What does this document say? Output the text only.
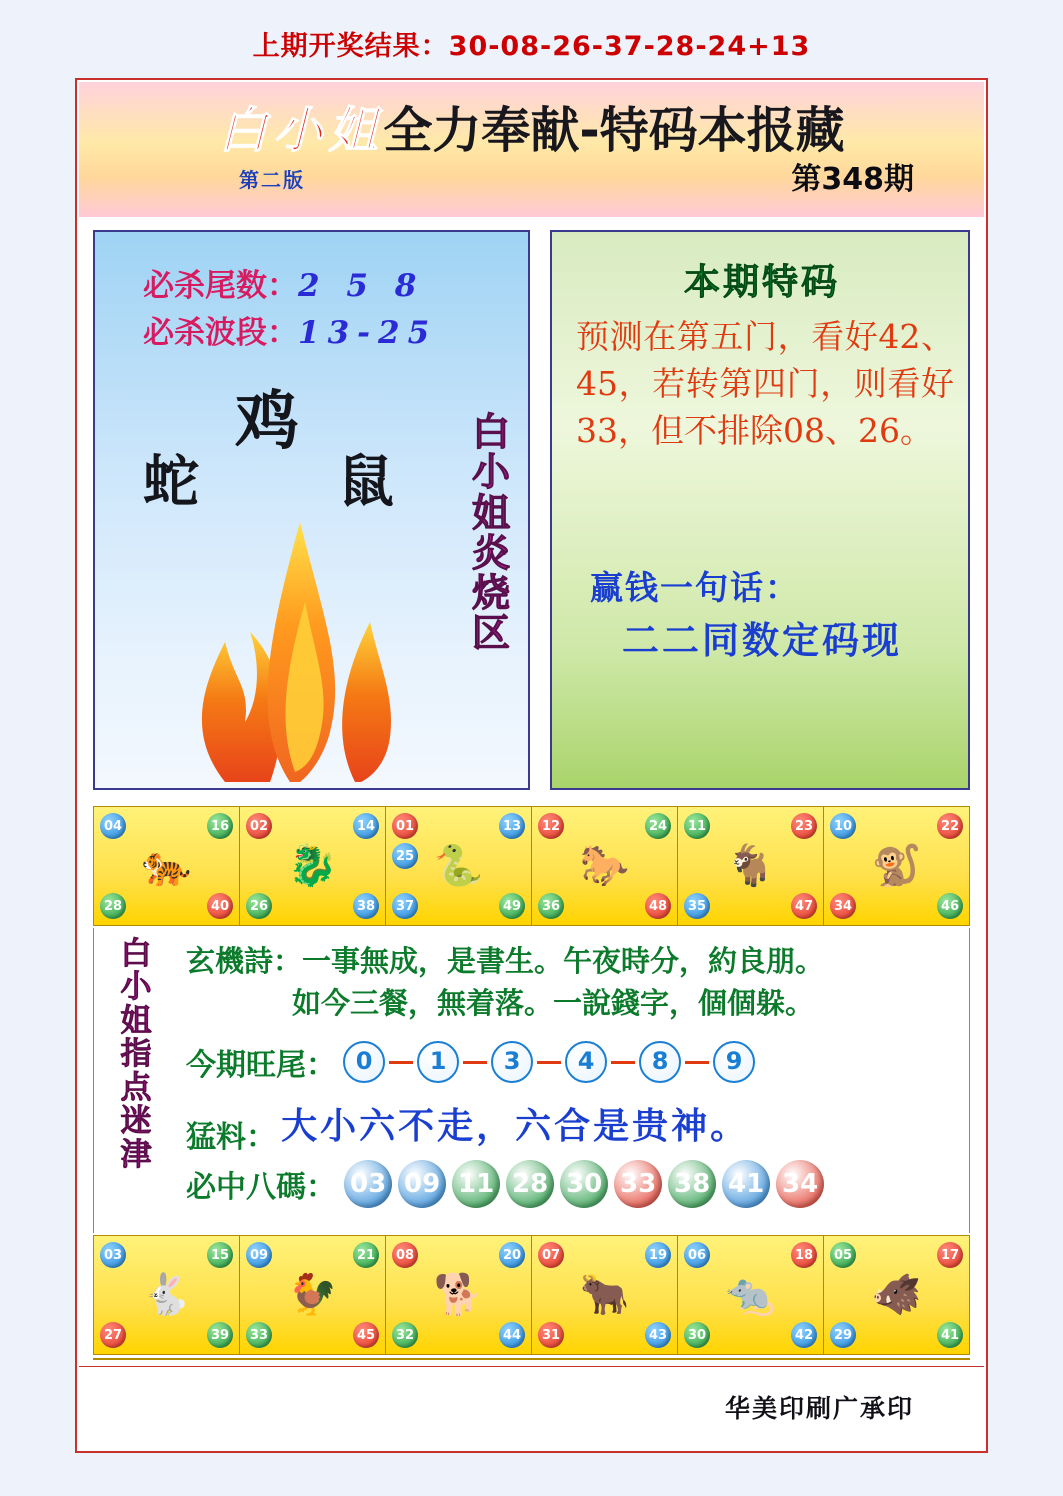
上期开奖结果：30-08-26-37-28-24+13
白小姐全力奉献-特码本报藏
第二版	第348期
必杀尾数：2 5 8
必杀波段：13-25
鸡
蛇 鼠
白小姐炎烧区
本期特码
预测在第五门，看好42、45，若转第四门，则看好33，但不排除08、26。
赢钱一句话：
二二同数定码现
04	16
28	40
🐅
02	14
26	38
🐉
01	13
25
37	49
🐍
12	24
36	48
🐎
11	23
35	47
🐐
10	22
34	46
🐒
白小姐指点迷津
玄機詩：一事無成，是書生。午夜時分，約良朋。
如今三餐，無着落。一說錢字，個個躲。
今期旺尾： 0 1 3 4 8 9
猛料： 大小六不走，六合是贵神。
必中八碼： 03 09 11 28 30 33 38 41 34
03	15
27	39
🐇
09	21
33	45
🐓
08	20
32	44
🐕
07	19
31	43
🐂
06	18
30	42
🐀
05	17
29	41
🐗
华美印刷广承印
